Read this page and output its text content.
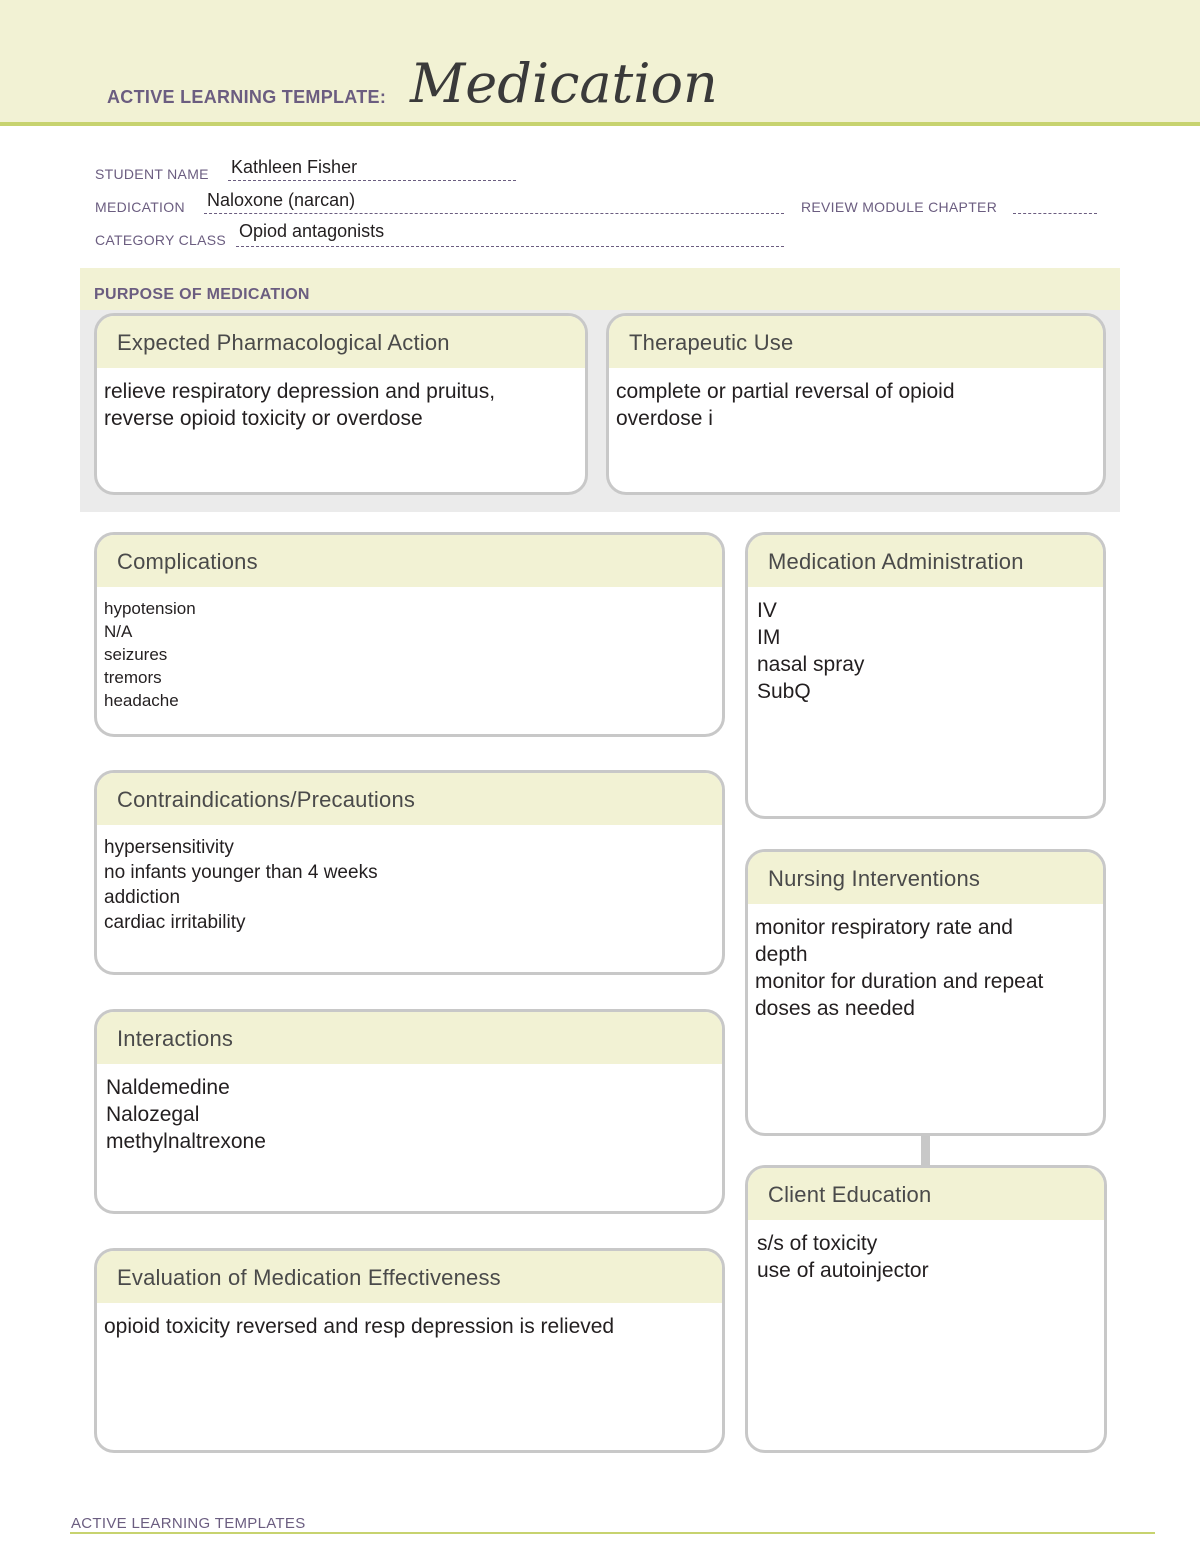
ACTIVE LEARNING TEMPLATE: Medication
STUDENT NAME Kathleen Fisher
MEDICATION Naloxone (narcan)	REVIEW MODULE CHAPTER
CATEGORY CLASS Opiod antagonists
PURPOSE OF MEDICATION
Expected Pharmacological Action
relieve respiratory depression and pruitus,
reverse opioid toxicity or overdose
Therapeutic Use
complete or partial reversal of opioid
overdose i
Complications
hypotension
N/A
seizures
tremors
headache
Contraindications/Precautions
hypersensitivity
no infants younger than 4 weeks
addiction
cardiac irritability
Interactions
Naldemedine
Nalozegal
methylnaltrexone
Evaluation of Medication Effectiveness
opioid toxicity reversed and resp depression is relieved
Medication Administration
IV
IM
nasal spray
SubQ
Nursing Interventions
monitor respiratory rate and
depth
monitor for duration and repeat
doses as needed
Client Education
s/s of toxicity
use of autoinjector
ACTIVE LEARNING TEMPLATES
